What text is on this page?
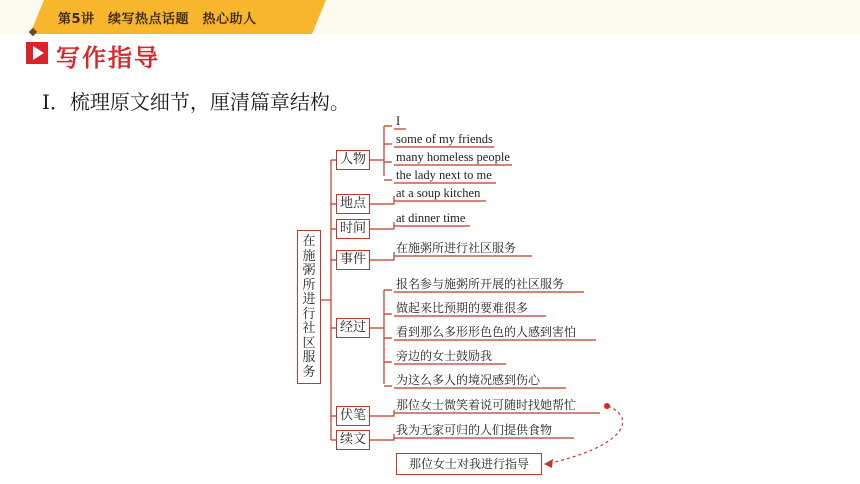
第5讲　续写热点话题　热心助人
写作指导
Ⅰ．梳理原文细节，厘清篇章结构。
在施粥所进行社区服务
人物
地点
时间
事件
经过
伏笔
续文
I
some of my friends
many homeless people
the lady next to me
at a soup kitchen
at dinner time
在施粥所进行社区服务
报名参与施粥所开展的社区服务
做起来比预期的要难很多
看到那么多形形色色的人感到害怕
旁边的女士鼓励我
为这么多人的境况感到伤心
那位女士微笑着说可随时找她帮忙
我为无家可归的人们提供食物
那位女士对我进行指导
